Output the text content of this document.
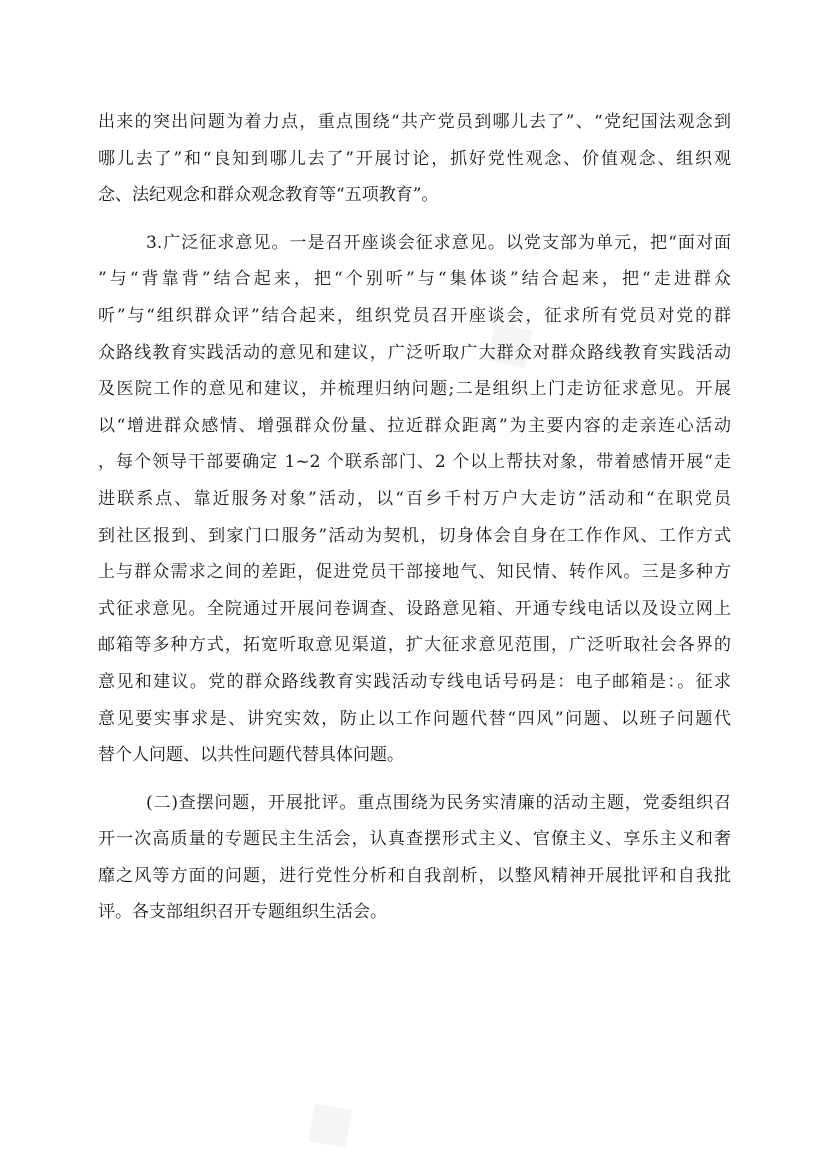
◆
◆
出来的突出问题为着力点，重点围绕“共产党员到哪儿去了”、“党纪国法观念到
哪儿去了”和“良知到哪儿去了”开展讨论，抓好党性观念、价值观念、组织观
念、法纪观念和群众观念教育等“五项教育”。
3.广泛征求意见。一是召开座谈会征求意见。以党支部为单元，把“面对面
”与“背靠背”结合起来，把“个别听”与“集体谈”结合起来，把“走进群众
听”与“组织群众评”结合起来，组织党员召开座谈会，征求所有党员对党的群
众路线教育实践活动的意见和建议，广泛听取广大群众对群众路线教育实践活动
及医院工作的意见和建议，并梳理归纳问题;二是组织上门走访征求意见。开展
以“增进群众感情、增强群众份量、拉近群众距离”为主要内容的走亲连心活动
，每个领导干部要确定 1~2 个联系部门、2 个以上帮扶对象，带着感情开展“走
进联系点、靠近服务对象”活动，以“百乡千村万户大走访”活动和“在职党员
到社区报到、到家门口服务”活动为契机，切身体会自身在工作作风、工作方式
上与群众需求之间的差距，促进党员干部接地气、知民情、转作风。三是多种方
式征求意见。全院通过开展问卷调查、设路意见箱、开通专线电话以及设立网上
邮箱等多种方式，拓宽听取意见渠道，扩大征求意见范围，广泛听取社会各界的
意见和建议。党的群众路线教育实践活动专线电话号码是：电子邮箱是：。征求
意见要实事求是、讲究实效，防止以工作问题代替“四风”问题、以班子问题代
替个人问题、以共性问题代替具体问题。
(二)查摆问题，开展批评。重点围绕为民务实清廉的活动主题，党委组织召
开一次高质量的专题民主生活会，认真查摆形式主义、官僚主义、享乐主义和奢
靡之风等方面的问题，进行党性分析和自我剖析，以整风精神开展批评和自我批
评。各支部组织召开专题组织生活会。
